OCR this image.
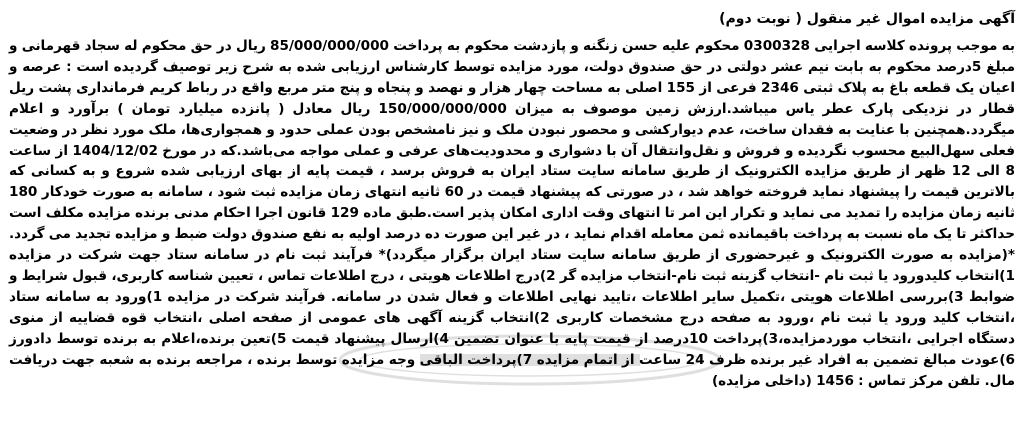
آگهی مزایده اموال غیر منقول ( نوبت دوم)
به موجب پرونده کلاسه اجرایی 0300328 محکوم علیه حسن زنگنه و پازدشت محکوم به پرداخت 85/000/000/000 ریال در حق محکوم له سجاد قهرمانی و مبلغ 5درصد محکوم به بابت نیم عشر دولتی در حق صندوق دولت، مورد مزایده توسط کارشناس ارزیابی شده به شرح زیر توصیف گردیده است : عرصه و اعیان یک قطعه باغ به پلاک ثبتی 2346 فرعی از 155 اصلی به مساحت چهار هزار و نهصد و پنجاه و پنج متر مربع واقع در رباط کریم فرمانداری پشت ریل قطار در نزدیکی پارک عطر یاس میباشد.ارزش زمین موصوف به میزان 150/000/000/000 ریال معادل ( پانزده میلیارد تومان ) برآورد و اعلام میگردد.همچنین با عنایت به فقدان ساخت، عدم دیوارکشی و محصور نبودن ملک و نیز نامشخص بودن عملی حدود و همجواری‌ها، ملک مورد نظر در وضعیت فعلی سهل‌البیع محسوب نگردیده و فروش و نقل‌وانتقال آن با دشواری و محدودیت‌های عرفی و عملی مواجه می‌باشد.که در مورخ 1404/12/02 از ساعت 8 الی 12 ظهر از طریق مزایده الکترونیک از طریق سامانه سایت ستاد ایران به فروش برسد ، قیمت پایه از بهای ارزیابی شده شروع و به کسانی که بالاترین قیمت را پیشنهاد نماید فروخته خواهد شد ، در صورتی که پیشنهاد قیمت در 60 ثانیه انتهای زمان مزایده ثبت شود ، سامانه به صورت خودکار 180 ثانیه زمان مزایده را تمدید می نماید و تکرار این امر تا انتهای وقت اداری امکان پذیر است.طبق ماده 129 قانون اجرا احکام مدنی برنده مزایده مکلف است حداکثر تا یک ماه نسبت به پرداخت باقیمانده ثمن معامله اقدام نماید ، در غیر این صورت ده درصد اولیه به نفع صندوق دولت ضبط و مزایده تجدید می گردد. *(مزایده به صورت الکترونیک و غیرحضوری از طریق سامانه سایت ستاد ایران برگزار میگردد)* فرآیند ثبت نام در سامانه ستاد جهت شرکت در مزایده 1)انتخاب کلیدورود یا ثبت نام -انتخاب گزینه ثبت نام-انتخاب مزایده گر 2)درج اطلاعات هویتی ، درج اطلاعات تماس ، تعیین شناسه کاربری، قبول شرایط و ضوابط 3)بررسی اطلاعات هویتی ،تکمیل سایر اطلاعات ،تایید نهایی اطلاعات و فعال شدن در سامانه. فرآیند شرکت در مزایده 1)ورود به سامانه ستاد ،انتخاب کلید ورود یا ثبت نام ،ورود به صفحه درج مشخصات کاربری 2)انتخاب گزینه آگهی های عمومی از صفحه اصلی ،انتخاب قوه قضاییه از منوی دستگاه اجرایی ،انتخاب موردمزایده،3)پرداخت 10درصد از قیمت پایه با عنوان تضمین 4)ارسال پیشنهاد قیمت 5)تعین برنده،اعلام به برنده توسط دادورز 6)عودت مبالغ تضمین به افراد غیر برنده ظرف 24 ساعت از اتمام مزایده 7)پرداخت الباقی وجه مزایده توسط برنده ، مراجعه برنده به شعبه جهت دریافت مال. تلفن مرکز تماس : 1456 (داخلی مزایده)
